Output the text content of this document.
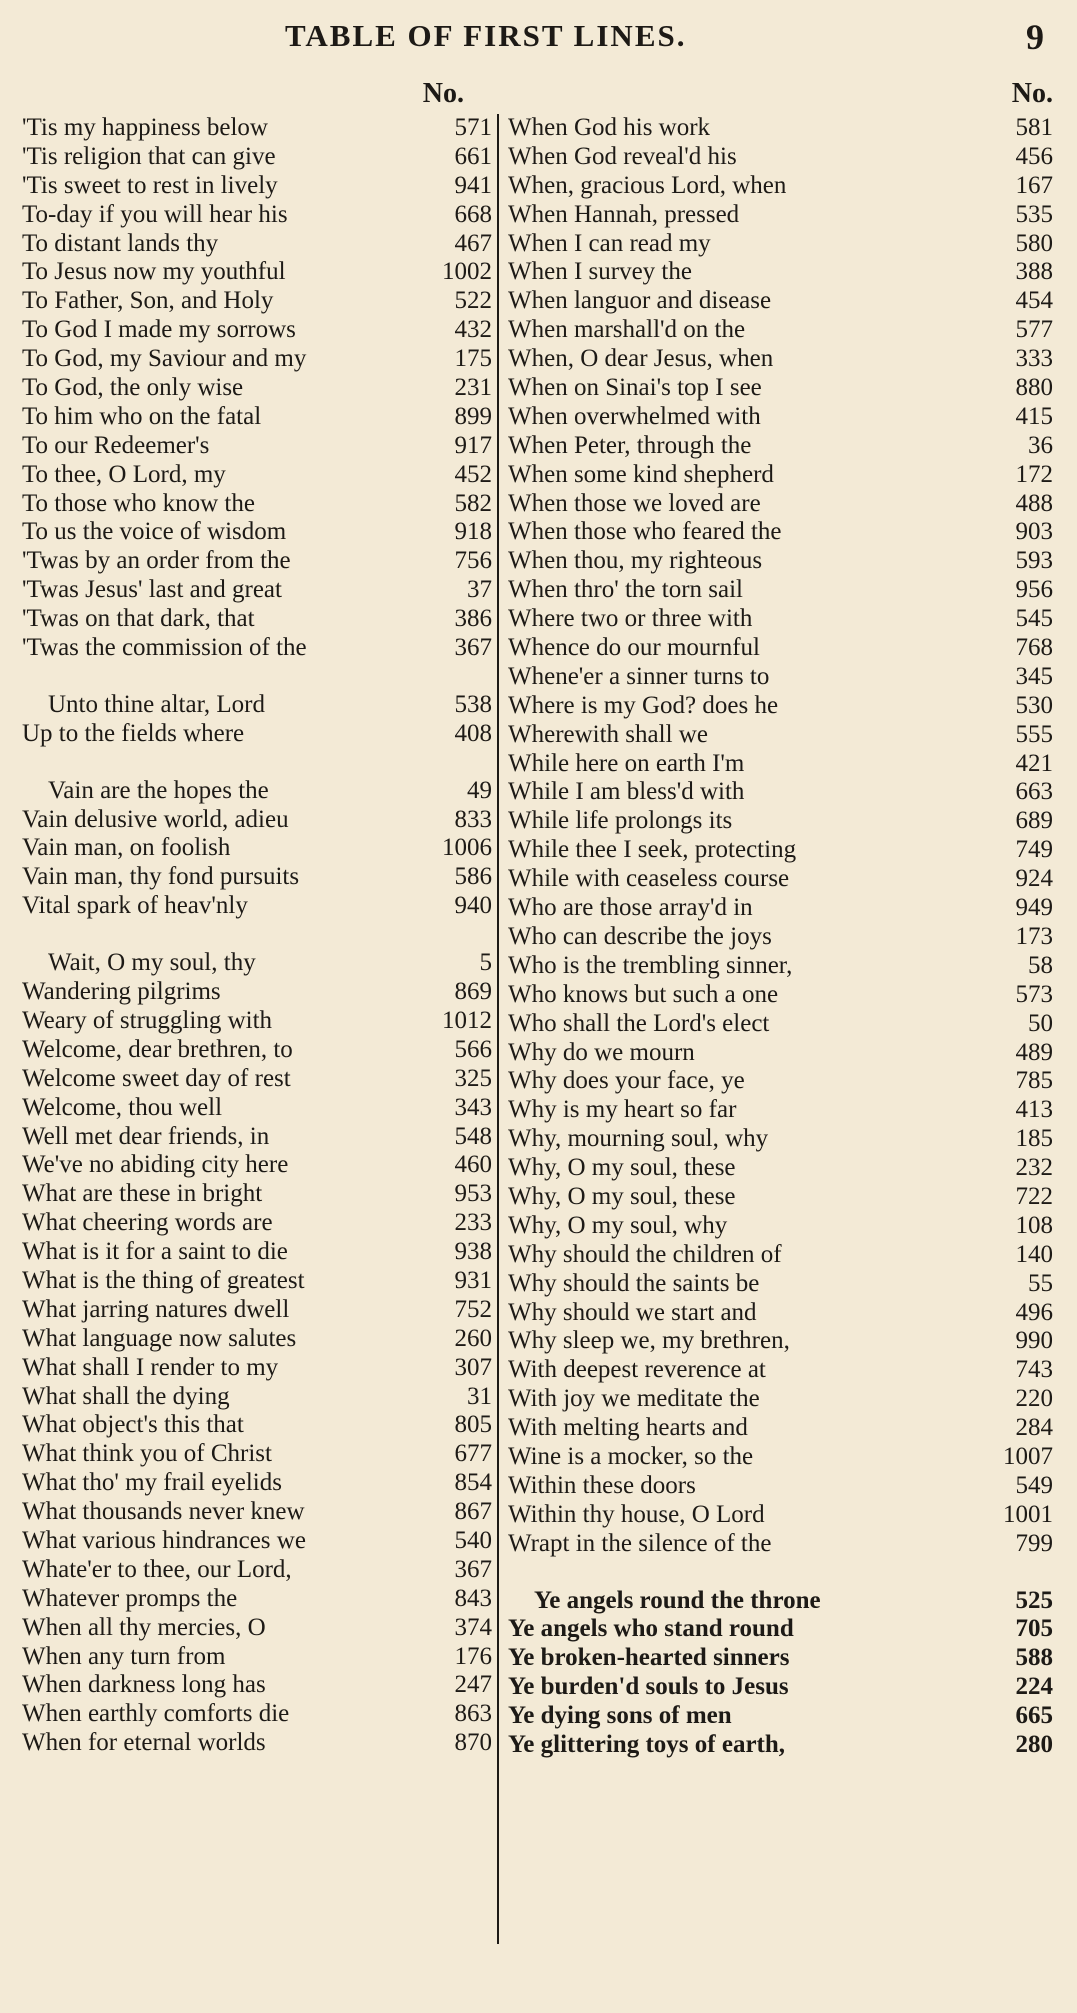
TABLE OF FIRST LINES.	9
No.
'Tis my happiness below	571
'Tis religion that can give	661
'Tis sweet to rest in lively	941
To-day if you will hear his	668
To distant lands thy	467
To Jesus now my youthful	1002
To Father, Son, and Holy	522
To God I made my sorrows	432
To God, my Saviour and my	175
To God, the only wise	231
To him who on the fatal	899
To our Redeemer's	917
To thee, O Lord, my	452
To those who know the	582
To us the voice of wisdom	918
'Twas by an order from the	756
'Twas Jesus' last and great	37
'Twas on that dark, that	386
'Twas the commission of the	367
Unto thine altar, Lord	538
Up to the fields where	408
Vain are the hopes the	49
Vain delusive world, adieu	833
Vain man, on foolish	1006
Vain man, thy fond pursuits	586
Vital spark of heav'nly	940
Wait, O my soul, thy	5
Wandering pilgrims	869
Weary of struggling with	1012
Welcome, dear brethren, to	566
Welcome sweet day of rest	325
Welcome, thou well	343
Well met dear friends, in	548
We've no abiding city here	460
What are these in bright	953
What cheering words are	233
What is it for a saint to die	938
What is the thing of greatest	931
What jarring natures dwell	752
What language now salutes	260
What shall I render to my	307
What shall the dying	31
What object's this that	805
What think you of Christ	677
What tho' my frail eyelids	854
What thousands never knew	867
What various hindrances we	540
Whate'er to thee, our Lord,	367
Whatever promps the	843
When all thy mercies, O	374
When any turn from	176
When darkness long has	247
When earthly comforts die	863
When for eternal worlds	870
No.
When God his work	581
When God reveal'd his	456
When, gracious Lord, when	167
When Hannah, pressed	535
When I can read my	580
When I survey the	388
When languor and disease	454
When marshall'd on the	577
When, O dear Jesus, when	333
When on Sinai's top I see	880
When overwhelmed with	415
When Peter, through the	36
When some kind shepherd	172
When those we loved are	488
When those who feared the	903
When thou, my righteous	593
When thro' the torn sail	956
Where two or three with	545
Whence do our mournful	768
Whene'er a sinner turns to	345
Where is my God? does he	530
Wherewith shall we	555
While here on earth I'm	421
While I am bless'd with	663
While life prolongs its	689
While thee I seek, protecting	749
While with ceaseless course	924
Who are those array'd in	949
Who can describe the joys	173
Who is the trembling sinner,	58
Who knows but such a one	573
Who shall the Lord's elect	50
Why do we mourn	489
Why does your face, ye	785
Why is my heart so far	413
Why, mourning soul, why	185
Why, O my soul, these	232
Why, O my soul, these	722
Why, O my soul, why	108
Why should the children of	140
Why should the saints be	55
Why should we start and	496
Why sleep we, my brethren,	990
With deepest reverence at	743
With joy we meditate the	220
With melting hearts and	284
Wine is a mocker, so the	1007
Within these doors	549
Within thy house, O Lord	1001
Wrapt in the silence of the	799
Ye angels round the throne	525
Ye angels who stand round	705
Ye broken-hearted sinners	588
Ye burden'd souls to Jesus	224
Ye dying sons of men	665
Ye glittering toys of earth,	280
